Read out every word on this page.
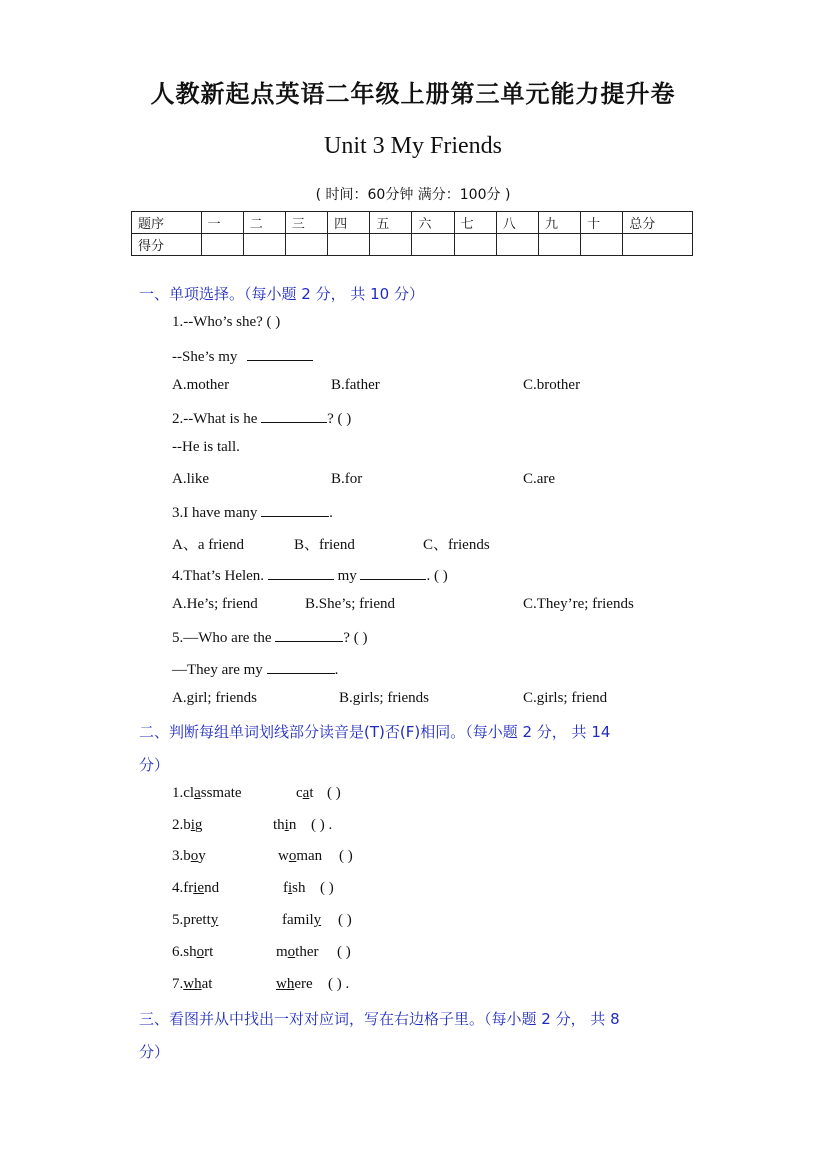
人教新起点英语二年级上册第三单元能力提升卷
Unit 3 My Friends
( 时间：60分钟 满分：100分 )
题序	一	二	三	四	五	六	七	八	九	十	总分
得分											
一、单项选择。（每小题 2 分， 共 10 分）
1.--Who’s she? ( )
--She’s my
A.mother	B.father	C.brother
2.--What is he	? ( )
--He is tall.
A.like	B.for	C.are
3.I have many	.
A、a friend	B、friend	C、friends
4.That’s Helen.	my	. ( )
A.He’s; friend	B.She’s; friend	C.They’re; friends
5.—Who are the	? ( )
—They are my	.
A.girl; friends	B.girls; friends	C.girls; friend
二、判断每组单词划线部分读音是(T)否(F)相同。（每小题 2 分， 共 14
分）
1.classmate	cat ( )
2.big	thin ( ) .
3.boy	woman ( )
4.friend	fish ( )
5.pretty	family ( )
6.short	mother ( )
7.what	where ( ) .
三、看图并从中找出一对对应词，写在右边格子里。（每小题 2 分， 共 8
分）
